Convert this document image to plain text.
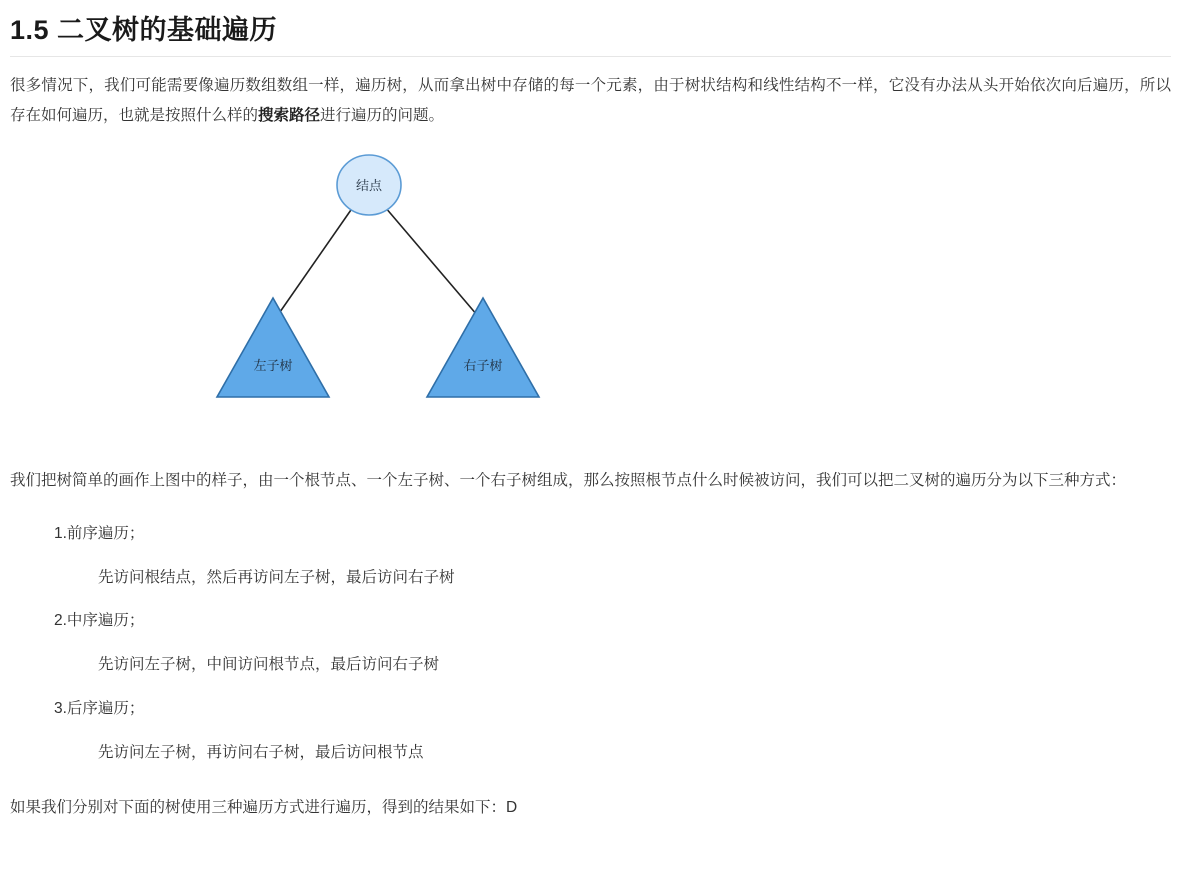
1.5 二叉树的基础遍历

很多情况下，我们可能需要像遍历数组数组一样，遍历树，从而拿出树中存储的每一个元素，由于树状结构和线性结构不一样，它没有办法从头开始依次向后遍历，所以存在如何遍历，也就是按照什么样的搜索路径进行遍历的问题。

左子树	右子树
结点

我们把树简单的画作上图中的样子，由一个根节点、一个左子树、一个右子树组成，那么按照根节点什么时候被访问，我们可以把二叉树的遍历分为以下三种方式：

1.前序遍历；
先访问根结点，然后再访问左子树，最后访问右子树
2.中序遍历；
先访问左子树，中间访问根节点，最后访问右子树
3.后序遍历；
先访问左子树，再访问右子树，最后访问根节点

如果我们分别对下面的树使用三种遍历方式进行遍历，得到的结果如下：D
